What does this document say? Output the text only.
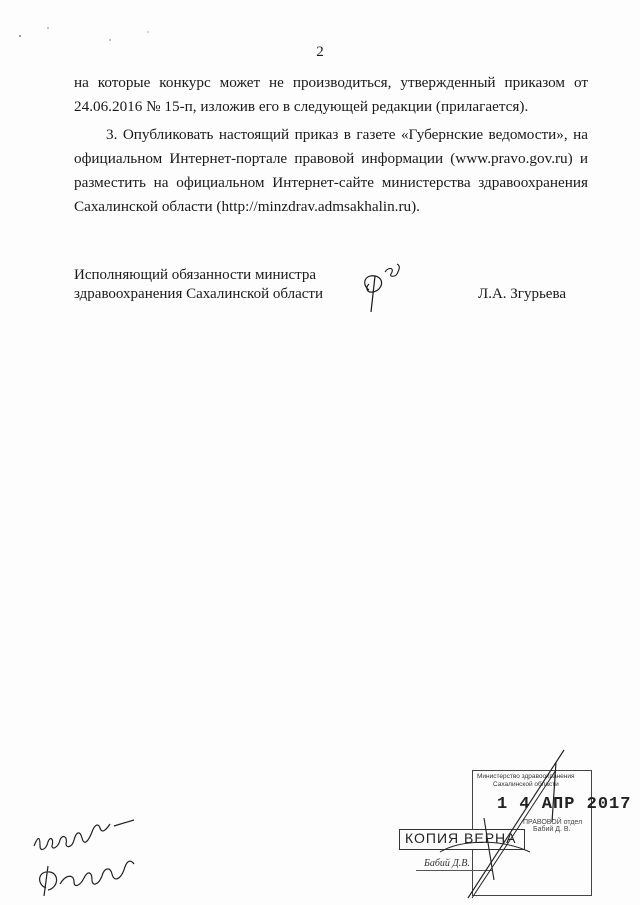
2
на которые конкурс может не производиться, утвержденный приказом от
24.06.2016 № 15-п, изложив его в следующей редакции (прилагается).
3. Опубликовать настоящий приказ в газете «Губернские ведомости», на
официальном Интернет-портале правовой информации (www.pravo.gov.ru) и
разместить на официальном Интернет-сайте министерства здравоохранения
Сахалинской области (http://minzdrav.admsakhalin.ru).
Исполняющий обязанности министра
здравоохранения Сахалинской области	Л.А. Згурьева
Министерство здравоохранения
Сахалинской области
1 4 АПР 2017
ПРАВОВОЙ отдел
Бабий Д. В.
КОПИЯ ВЕРНА
Бабий Д.В.
